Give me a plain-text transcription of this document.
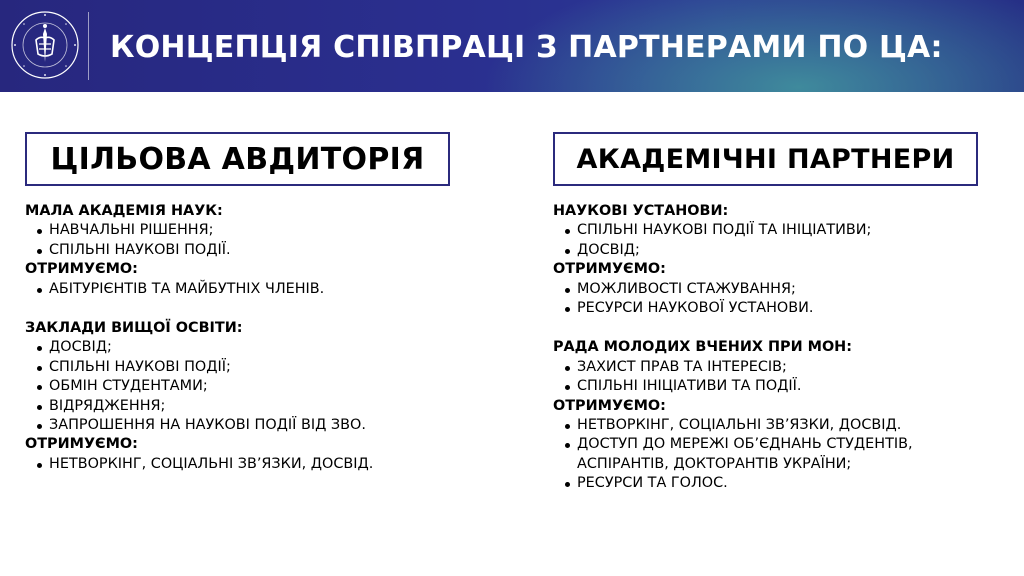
КОНЦЕПЦІЯ СПІВПРАЦІ З ПАРТНЕРАМИ ПО ЦА:
ЦІЛЬОВА АВДИТОРІЯ	АКАДЕМІЧНІ ПАРТНЕРИ
МАЛА АКАДЕМІЯ НАУК:
НАВЧАЛЬНІ РІШЕННЯ;
СПІЛЬНІ НАУКОВІ ПОДІЇ.
ОТРИМУЄМО:
АБІТУРІЄНТІВ ТА МАЙБУТНІХ ЧЛЕНІВ.
ЗАКЛАДИ ВИЩОЇ ОСВІТИ:
ДОСВІД;
СПІЛЬНІ НАУКОВІ ПОДІЇ;
ОБМІН СТУДЕНТАМИ;
ВІДРЯДЖЕННЯ;
ЗАПРОШЕННЯ НА НАУКОВІ ПОДІЇ ВІД ЗВО.
ОТРИМУЄМО:
НЕТВОРКІНГ, СОЦІАЛЬНІ ЗВ’ЯЗКИ, ДОСВІД.
НАУКОВІ УСТАНОВИ:
СПІЛЬНІ НАУКОВІ ПОДІЇ ТА ІНІЦІАТИВИ;
ДОСВІД;
ОТРИМУЄМО:
МОЖЛИВОСТІ СТАЖУВАННЯ;
РЕСУРСИ НАУКОВОЇ УСТАНОВИ.
РАДА МОЛОДИХ ВЧЕНИХ ПРИ МОН:
ЗАХИСТ ПРАВ ТА ІНТЕРЕСІВ;
СПІЛЬНІ ІНІЦІАТИВИ ТА ПОДІЇ.
ОТРИМУЄМО:
НЕТВОРКІНГ, СОЦІАЛЬНІ ЗВ’ЯЗКИ, ДОСВІД.
ДОСТУП ДО МЕРЕЖІ ОБ’ЄДНАНЬ СТУДЕНТІВ,
АСПІРАНТІВ, ДОКТОРАНТІВ УКРАЇНИ;
РЕСУРСИ ТА ГОЛОС.
